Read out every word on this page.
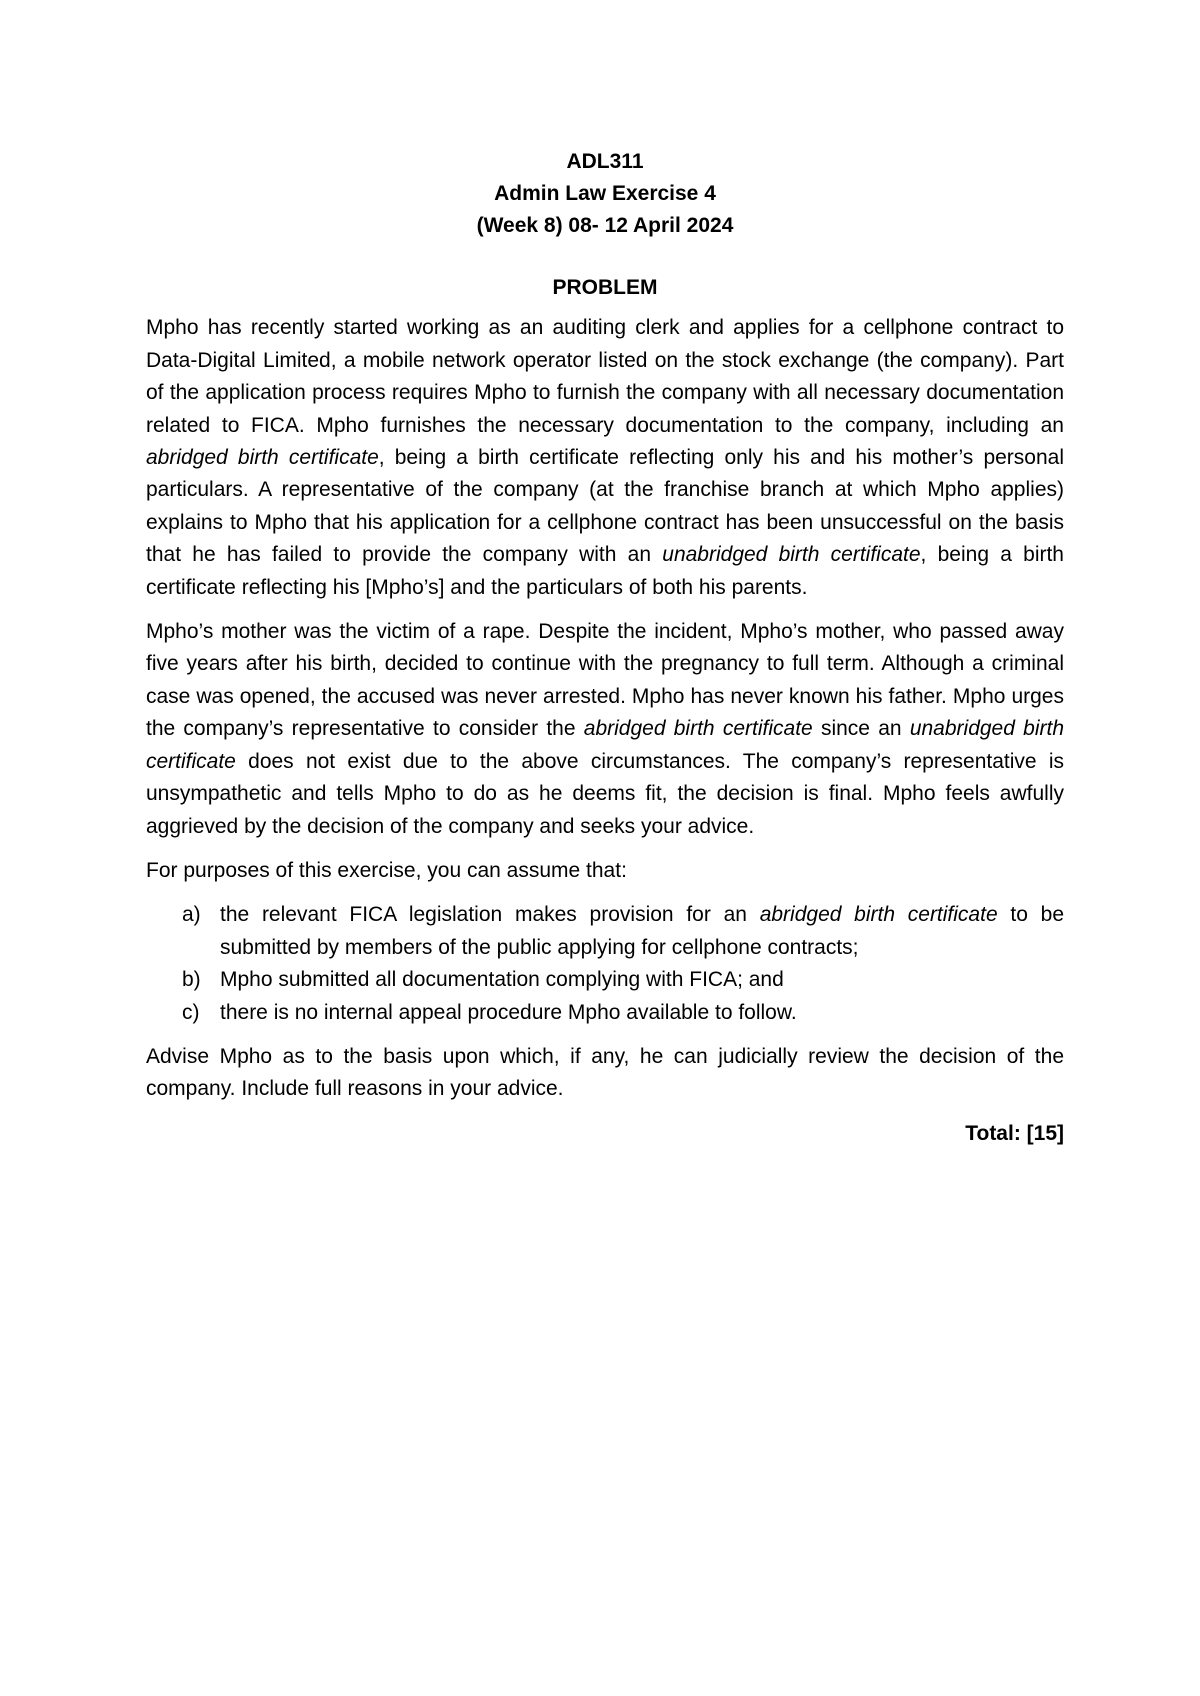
ADL311
Admin Law Exercise 4
(Week 8) 08- 12 April 2024
PROBLEM

Mpho has recently started working as an auditing clerk and applies for a cellphone contract to Data-Digital Limited, a mobile network operator listed on the stock exchange (the company). Part of the application process requires Mpho to furnish the company with all necessary documentation related to FICA. Mpho furnishes the necessary documentation to the company, including an abridged birth certificate, being a birth certificate reflecting only his and his mother’s personal particulars. A representative of the company (at the franchise branch at which Mpho applies) explains to Mpho that his application for a cellphone contract has been unsuccessful on the basis that he has failed to provide the company with an unabridged birth certificate, being a birth certificate reflecting his [Mpho’s] and the particulars of both his parents.

Mpho’s mother was the victim of a rape. Despite the incident, Mpho’s mother, who passed away five years after his birth, decided to continue with the pregnancy to full term. Although a criminal case was opened, the accused was never arrested. Mpho has never known his father. Mpho urges the company’s representative to consider the abridged birth certificate since an unabridged birth certificate does not exist due to the above circumstances. The company’s representative is unsympathetic and tells Mpho to do as he deems fit, the decision is final. Mpho feels awfully aggrieved by the decision of the company and seeks your advice.

For purposes of this exercise, you can assume that:

a) the relevant FICA legislation makes provision for an abridged birth certificate to be submitted by members of the public applying for cellphone contracts;
b) Mpho submitted all documentation complying with FICA; and
c) there is no internal appeal procedure Mpho available to follow.

Advise Mpho as to the basis upon which, if any, he can judicially review the decision of the company. Include full reasons in your advice.

Total: [15]
